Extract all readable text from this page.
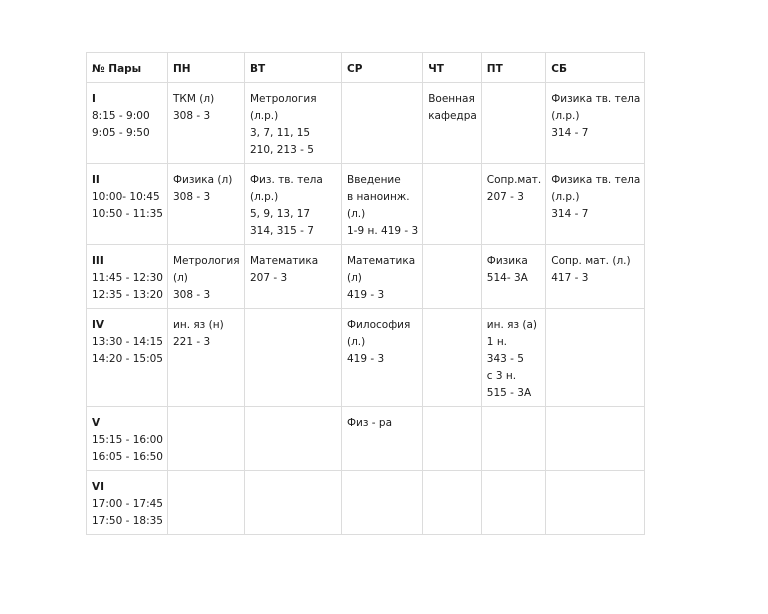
№ Пары	ПН	ВТ	СР	ЧТ	ПТ	СБ

I
8:15 - 9:00
9:05 - 9:50	ТКМ (л)
308 - 3	Метрология
(л.р.)
3, 7, 11, 15
210, 213 - 5		Военная
кафедра		Физика тв. тела
(л.р.)
314 - 7

II
10:00- 10:45
10:50 - 11:35	Физика (л)
308 - 3	Физ. тв. тела
(л.р.)
5, 9, 13, 17
314, 315 - 7	Введение
в наноинж.
(л.)
1-9 н. 419 - 3		Сопр.мат.
207 - 3	Физика тв. тела
(л.р.)
314 - 7

III
11:45 - 12:30
12:35 - 13:20	Метрология
(л)
308 - 3	Математика
207 - 3	Математика
(л)
419 - 3		Физика
514- 3А	Сопр. мат. (л.)
417 - 3

IV
13:30 - 14:15
14:20 - 15:05	ин. яз (н)
221 - 3		Философия
(л.)
419 - 3		ин. яз (а)
1 н.
343 - 5
с 3 н.
515 - 3А	

V
15:15 - 16:00
16:05 - 16:50			Физ - ра			

VI
17:00 - 17:45
17:50 - 18:35						
